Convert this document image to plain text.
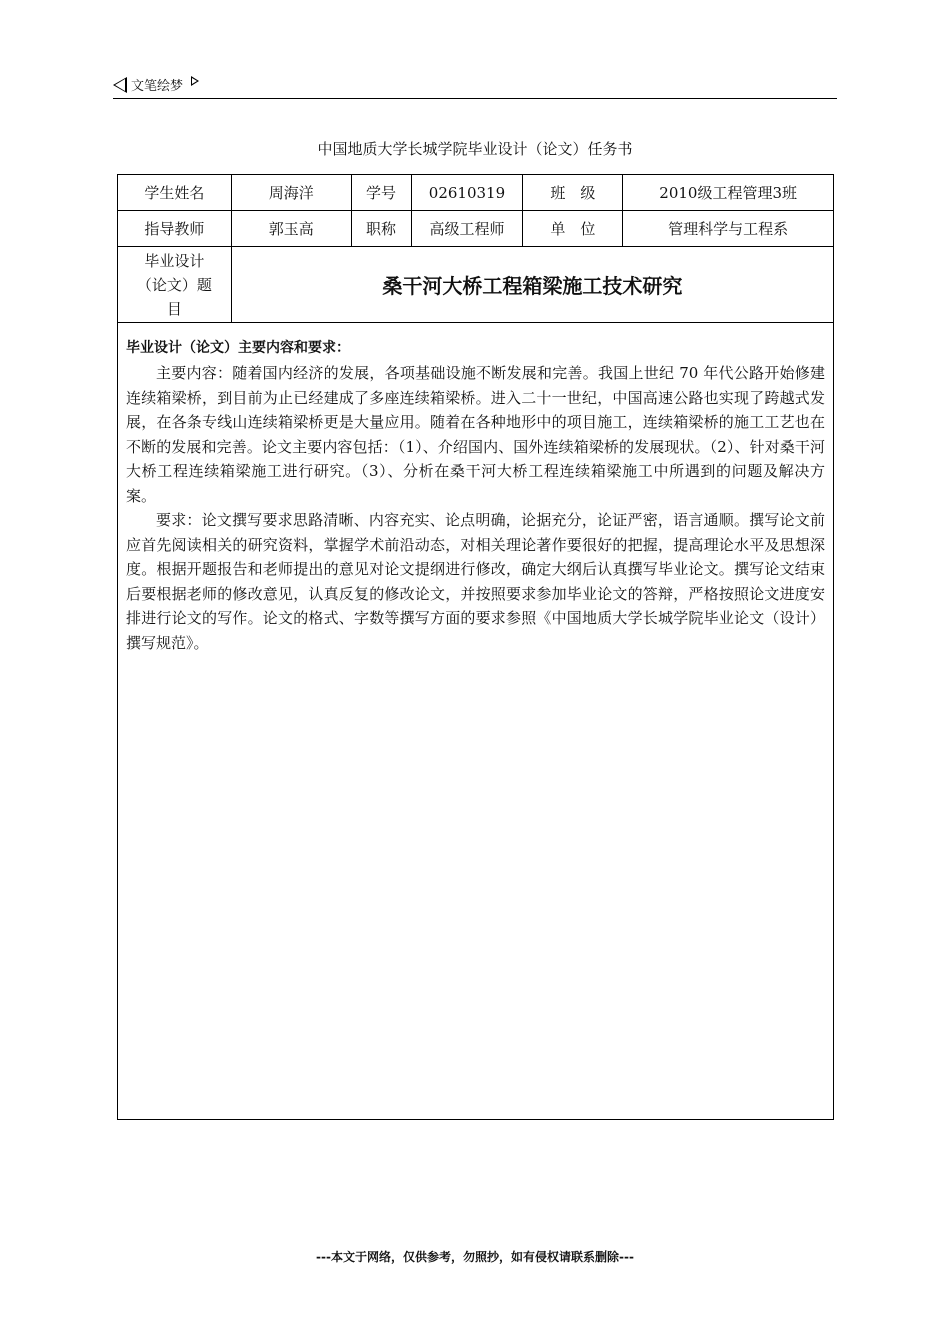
文笔绘梦
中国地质大学长城学院毕业设计（论文）任务书
学生姓名	周海洋	学号	02610319	班　级	2010级工程管理3班
指导教师	郭玉高	职称	高级工程师	单　位	管理科学与工程系

毕业设计
（论文）题
目	桑干河大桥工程箱梁施工技术研究				

毕业设计（论文）主要内容和要求：

主要内容：随着国内经济的发展，各项基础设施不断发展和完善。我国上世纪 70 年代公路开始修建连续箱梁桥，到目前为止已经建成了多座连续箱梁桥。进入二十一世纪，中国高速公路也实现了跨越式发展，在各条专线山连续箱梁桥更是大量应用。随着在各种地形中的项目施工，连续箱梁桥的施工工艺也在不断的发展和完善。论文主要内容包括：（1）、介绍国内、国外连续箱梁桥的发展现状。（2）、针对桑干河大桥工程连续箱梁施工进行研究。（3）、分析在桑干河大桥工程连续箱梁施工中所遇到的问题及解决方案。

要求：论文撰写要求思路清晰、内容充实、论点明确，论据充分，论证严密，语言通顺。撰写论文前应首先阅读相关的研究资料，掌握学术前沿动态，对相关理论著作要很好的把握，提高理论水平及思想深度。根据开题报告和老师提出的意见对论文提纲进行修改，确定大纲后认真撰写毕业论文。撰写论文结束后要根据老师的修改意见，认真反复的修改论文，并按照要求参加毕业论文的答辩，严格按照论文进度安排进行论文的写作。论文的格式、字数等撰写方面的要求参照《中国地质大学长城学院毕业论文（设计）撰写规范》。					

---本文于网络，仅供参考，勿照抄，如有侵权请联系删除---
